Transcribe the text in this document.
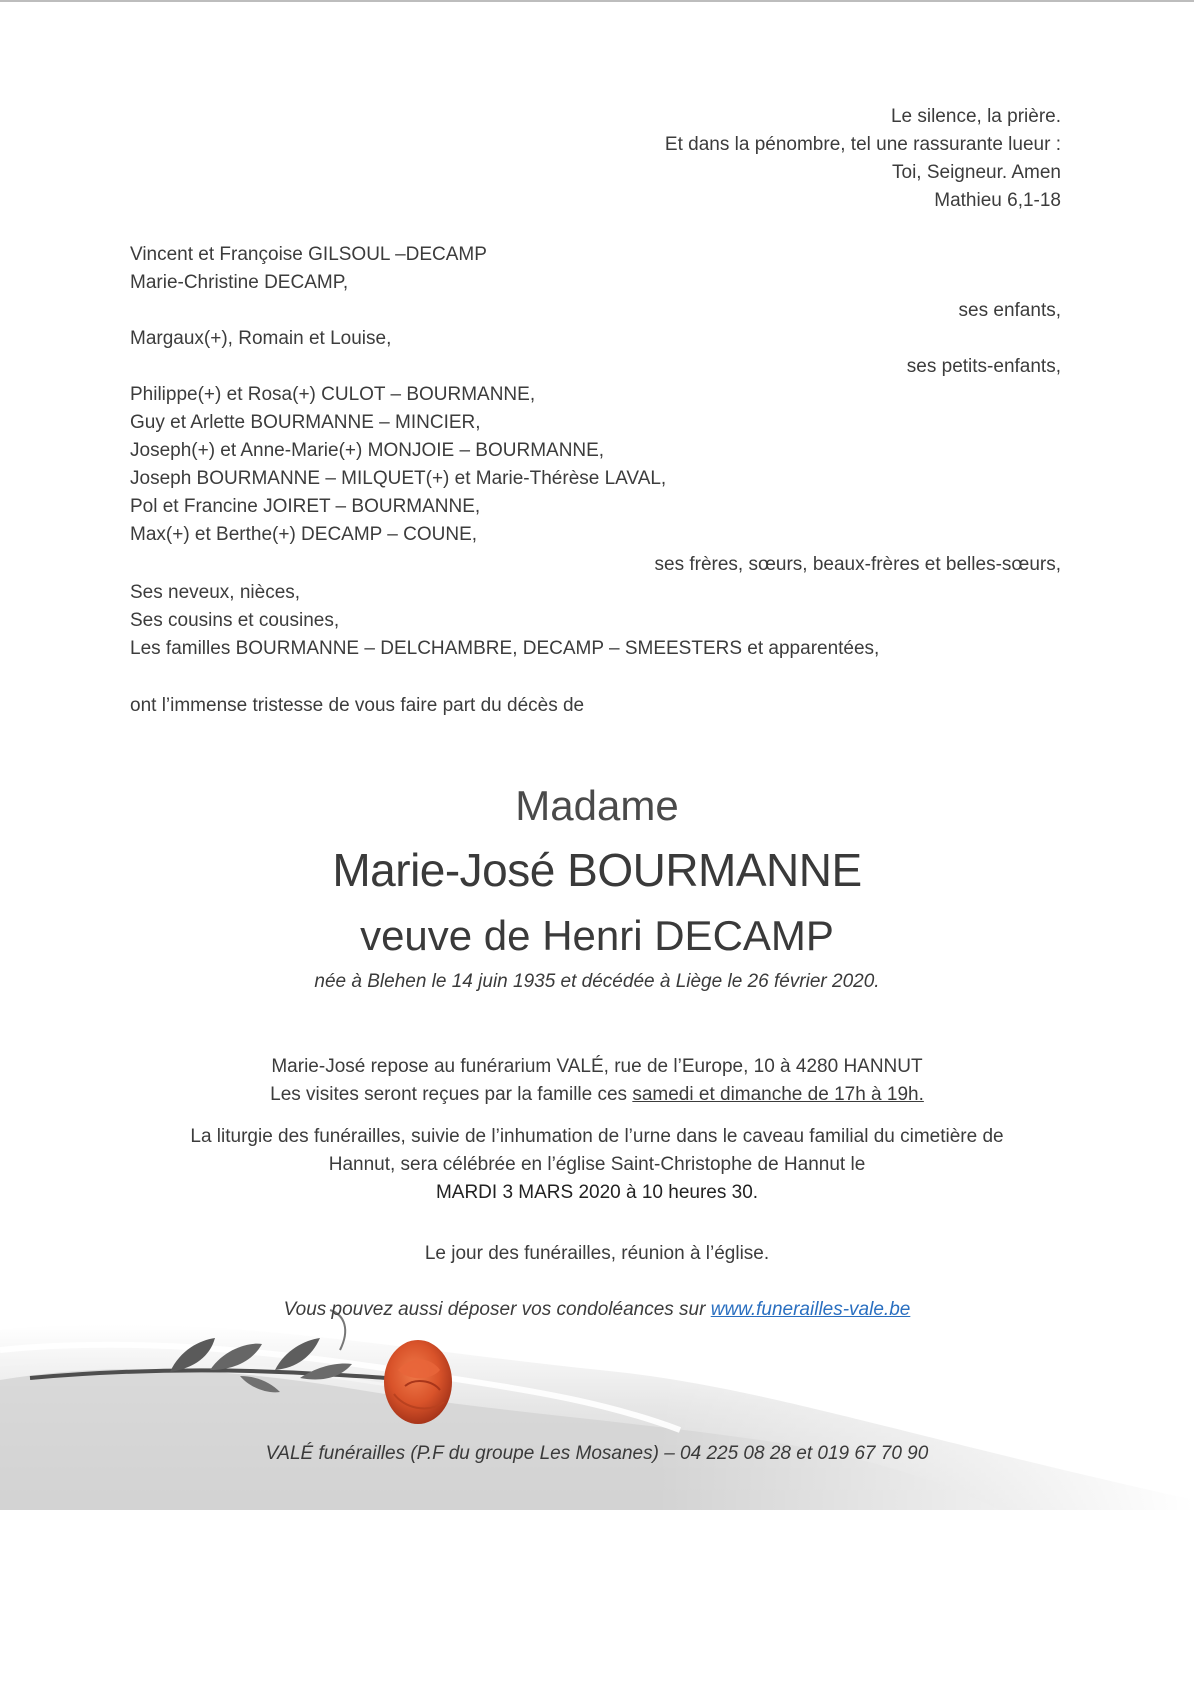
Le silence, la prière.
Et dans la pénombre, tel une rassurante lueur :
Toi, Seigneur. Amen
Mathieu 6,1-18
Vincent et Françoise GILSOUL –DECAMP
Marie-Christine DECAMP,
ses enfants,
Margaux(+), Romain et Louise,
ses petits-enfants,
Philippe(+) et Rosa(+) CULOT – BOURMANNE,
Guy et Arlette BOURMANNE – MINCIER,
Joseph(+) et Anne-Marie(+) MONJOIE – BOURMANNE,
Joseph BOURMANNE – MILQUET(+) et Marie-Thérèse LAVAL,
Pol et Francine JOIRET – BOURMANNE,
Max(+) et Berthe(+) DECAMP – COUNE,
ses frères, sœurs, beaux-frères et belles-sœurs,
Ses neveux, nièces,
Ses cousins et cousines,
Les familles BOURMANNE – DELCHAMBRE, DECAMP – SMEESTERS et apparentées,
ont l’immense tristesse de vous faire part du décès de
Madame
Marie-José BOURMANNE
veuve de Henri DECAMP
née à Blehen le 14 juin 1935 et décédée à Liège le 26 février 2020.
Marie-José repose au funérarium VALÉ, rue de l’Europe, 10 à 4280 HANNUT
Les visites seront reçues par la famille ces samedi et dimanche de 17h à 19h.
La liturgie des funérailles, suivie de l’inhumation de l’urne dans le caveau familial du cimetière de
Hannut, sera célébrée en l’église Saint-Christophe de Hannut le
MARDI 3 MARS 2020 à 10 heures 30.
Le jour des funérailles, réunion à l’église.
Vous pouvez aussi déposer vos condoléances sur www.funerailles-vale.be
VALÉ funérailles (P.F du groupe Les Mosanes) – 04 225 08 28 et 019 67 70 90
